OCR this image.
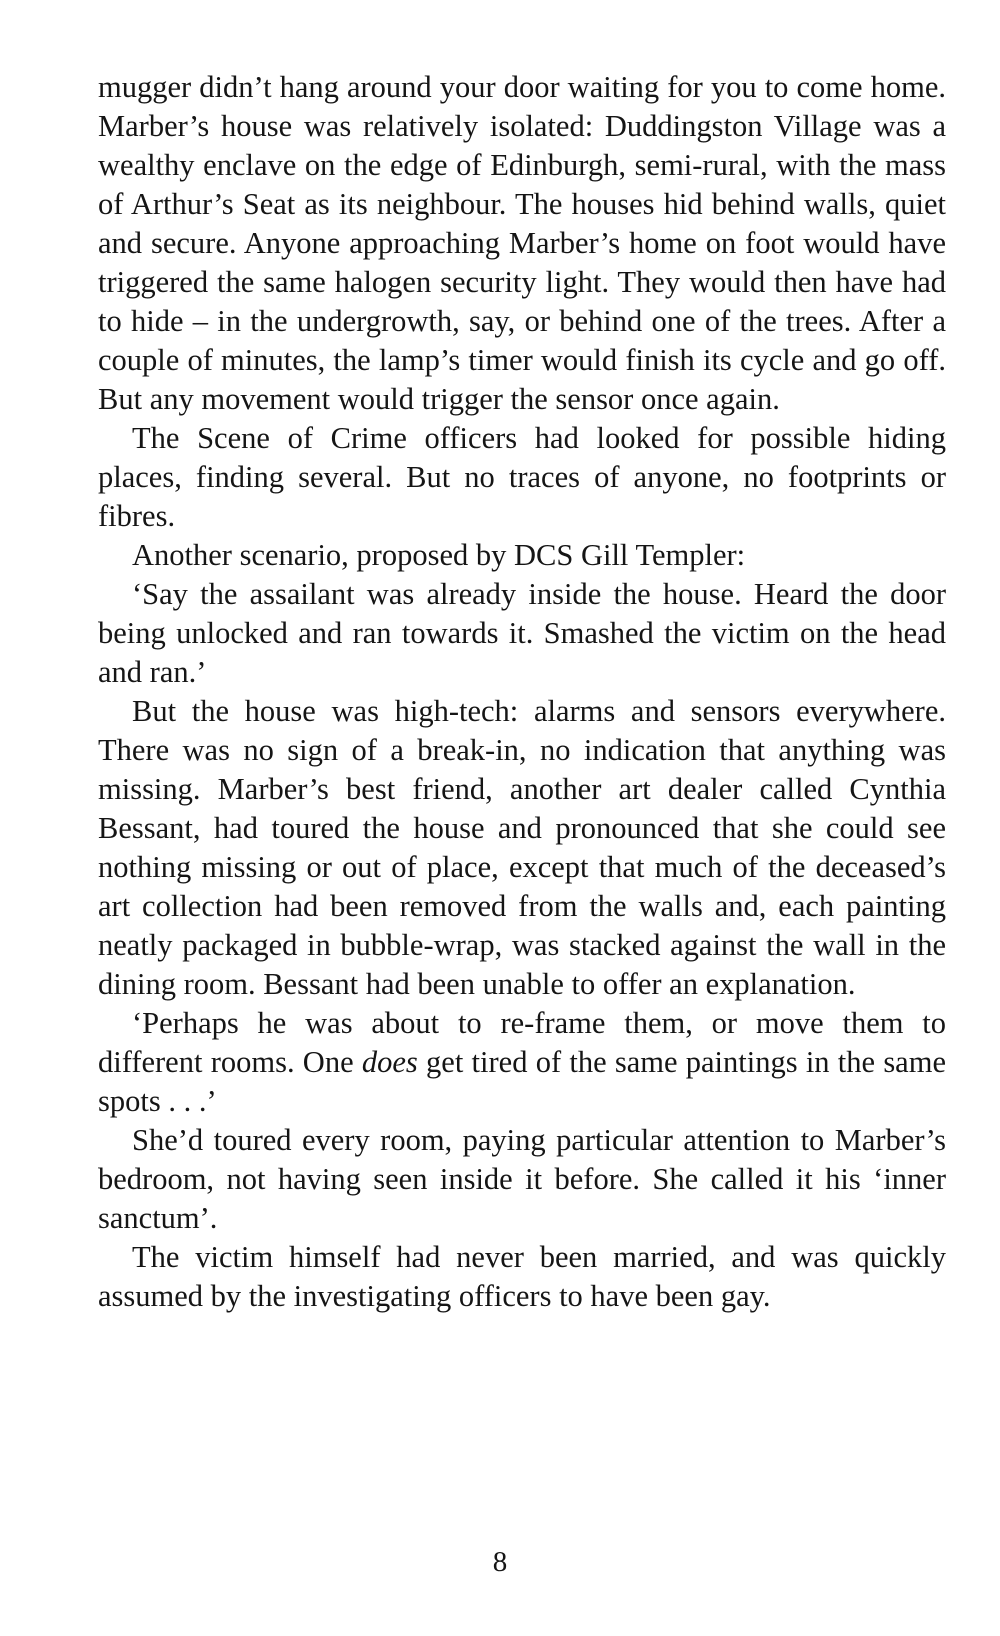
mugger didn’t hang around your door waiting for you to come home. Marber’s house was relatively isolated: Duddingston Village was a wealthy enclave on the edge of Edinburgh, semi-rural, with the mass of Arthur’s Seat as its neighbour. The houses hid behind walls, quiet and secure. Anyone approaching Marber’s home on foot would have triggered the same halogen security light. They would then have had to hide – in the undergrowth, say, or behind one of the trees. After a couple of minutes, the lamp’s timer would finish its cycle and go off. But any movement would trigger the sensor once again.

The Scene of Crime officers had looked for possible hiding places, finding several. But no traces of anyone, no footprints or fibres.

Another scenario, proposed by DCS Gill Templer:

‘Say the assailant was already inside the house. Heard the door being unlocked and ran towards it. Smashed the victim on the head and ran.’

But the house was high-tech: alarms and sensors everywhere. There was no sign of a break-in, no indication that anything was missing. Marber’s best friend, another art dealer called Cynthia Bessant, had toured the house and pronounced that she could see nothing missing or out of place, except that much of the deceased’s art collection had been removed from the walls and, each painting neatly packaged in bubble-wrap, was stacked against the wall in the dining room. Bessant had been unable to offer an explanation.

‘Perhaps he was about to re-frame them, or move them to different rooms. One does get tired of the same paintings in the same spots . . .’

She’d toured every room, paying particular attention to Marber’s bedroom, not having seen inside it before. She called it his ‘inner sanctum’.

The victim himself had never been married, and was quickly assumed by the investigating officers to have been gay.

8
